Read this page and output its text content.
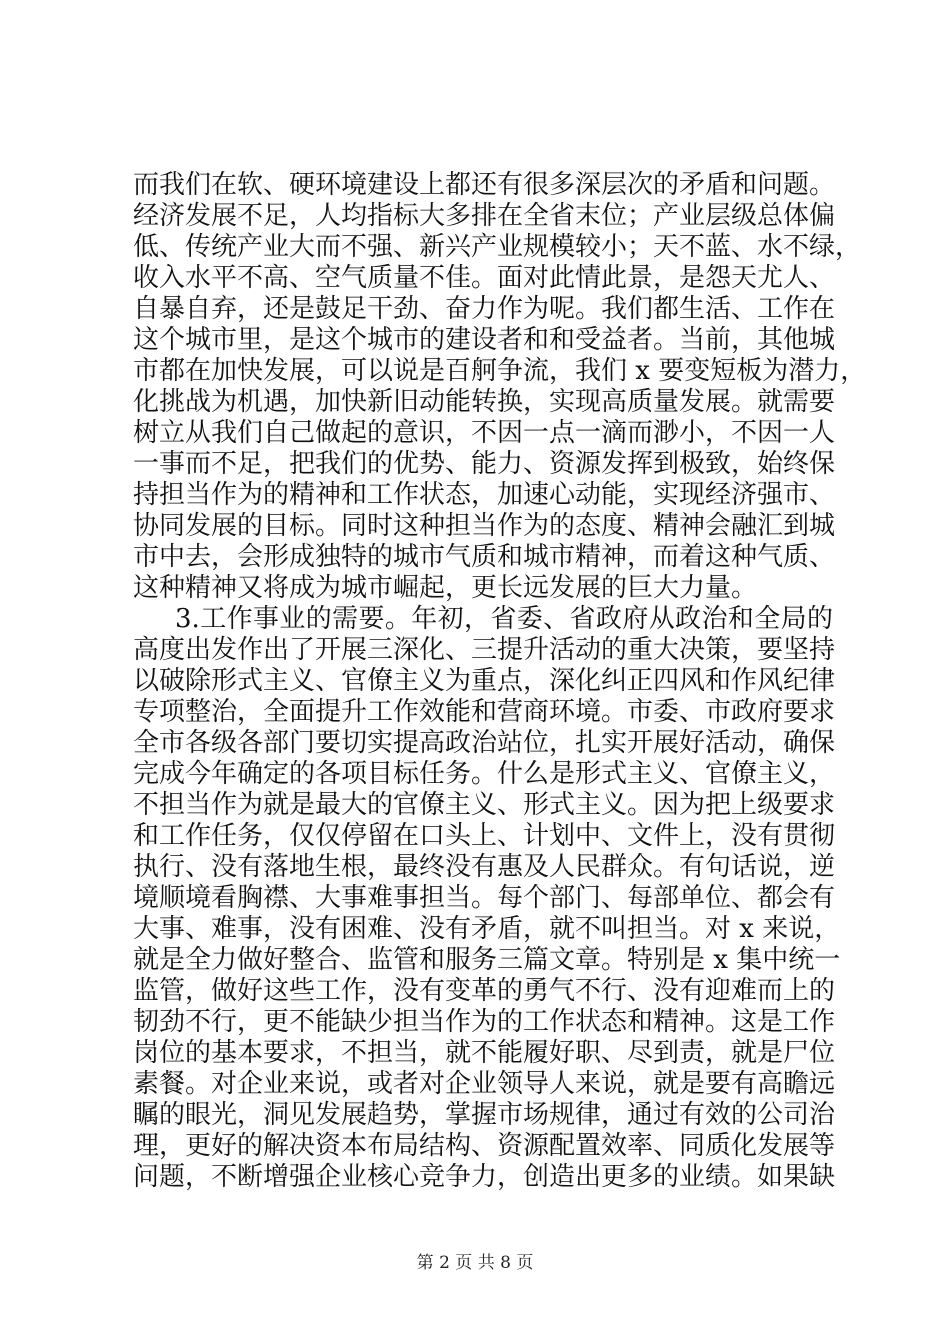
而我们在软、硬环境建设上都还有很多深层次的矛盾和问题。
经济发展不足，人均指标大多排在全省末位；产业层级总体偏
低、传统产业大而不强、新兴产业规模较小；天不蓝、水不绿，
收入水平不高、空气质量不佳。面对此情此景，是怨天尤人、
自暴自弃，还是鼓足干劲、奋力作为呢。我们都生活、工作在
这个城市里，是这个城市的建设者和和受益者。当前，其他城
市都在加快发展，可以说是百舸争流，我们 x 要变短板为潜力，
化挑战为机遇，加快新旧动能转换，实现高质量发展。就需要
树立从我们自己做起的意识，不因一点一滴而渺小，不因一人
一事而不足，把我们的优势、能力、资源发挥到极致，始终保
持担当作为的精神和工作状态，加速心动能，实现经济强市、
协同发展的目标。同时这种担当作为的态度、精神会融汇到城
市中去，会形成独特的城市气质和城市精神，而着这种气质、
这种精神又将成为城市崛起，更长远发展的巨大力量。
3.工作事业的需要。年初，省委、省政府从政治和全局的
高度出发作出了开展三深化、三提升活动的重大决策，要坚持
以破除形式主义、官僚主义为重点，深化纠正四风和作风纪律
专项整治，全面提升工作效能和营商环境。市委、市政府要求
全市各级各部门要切实提高政治站位，扎实开展好活动，确保
完成今年确定的各项目标任务。什么是形式主义、官僚主义，
不担当作为就是最大的官僚主义、形式主义。因为把上级要求
和工作任务，仅仅停留在口头上、计划中、文件上，没有贯彻
执行、没有落地生根，最终没有惠及人民群众。有句话说，逆
境顺境看胸襟、大事难事担当。每个部门、每部单位、都会有
大事、难事，没有困难、没有矛盾，就不叫担当。对 x 来说，
就是全力做好整合、监管和服务三篇文章。特别是 x 集中统一
监管，做好这些工作，没有变革的勇气不行、没有迎难而上的
韧劲不行，更不能缺少担当作为的工作状态和精神。这是工作
岗位的基本要求，不担当，就不能履好职、尽到责，就是尸位
素餐。对企业来说，或者对企业领导人来说，就是要有高瞻远
瞩的眼光，洞见发展趋势，掌握市场规律，通过有效的公司治
理，更好的解决资本布局结构、资源配置效率、同质化发展等
问题，不断增强企业核心竞争力，创造出更多的业绩。如果缺
第 2 页 共 8 页
